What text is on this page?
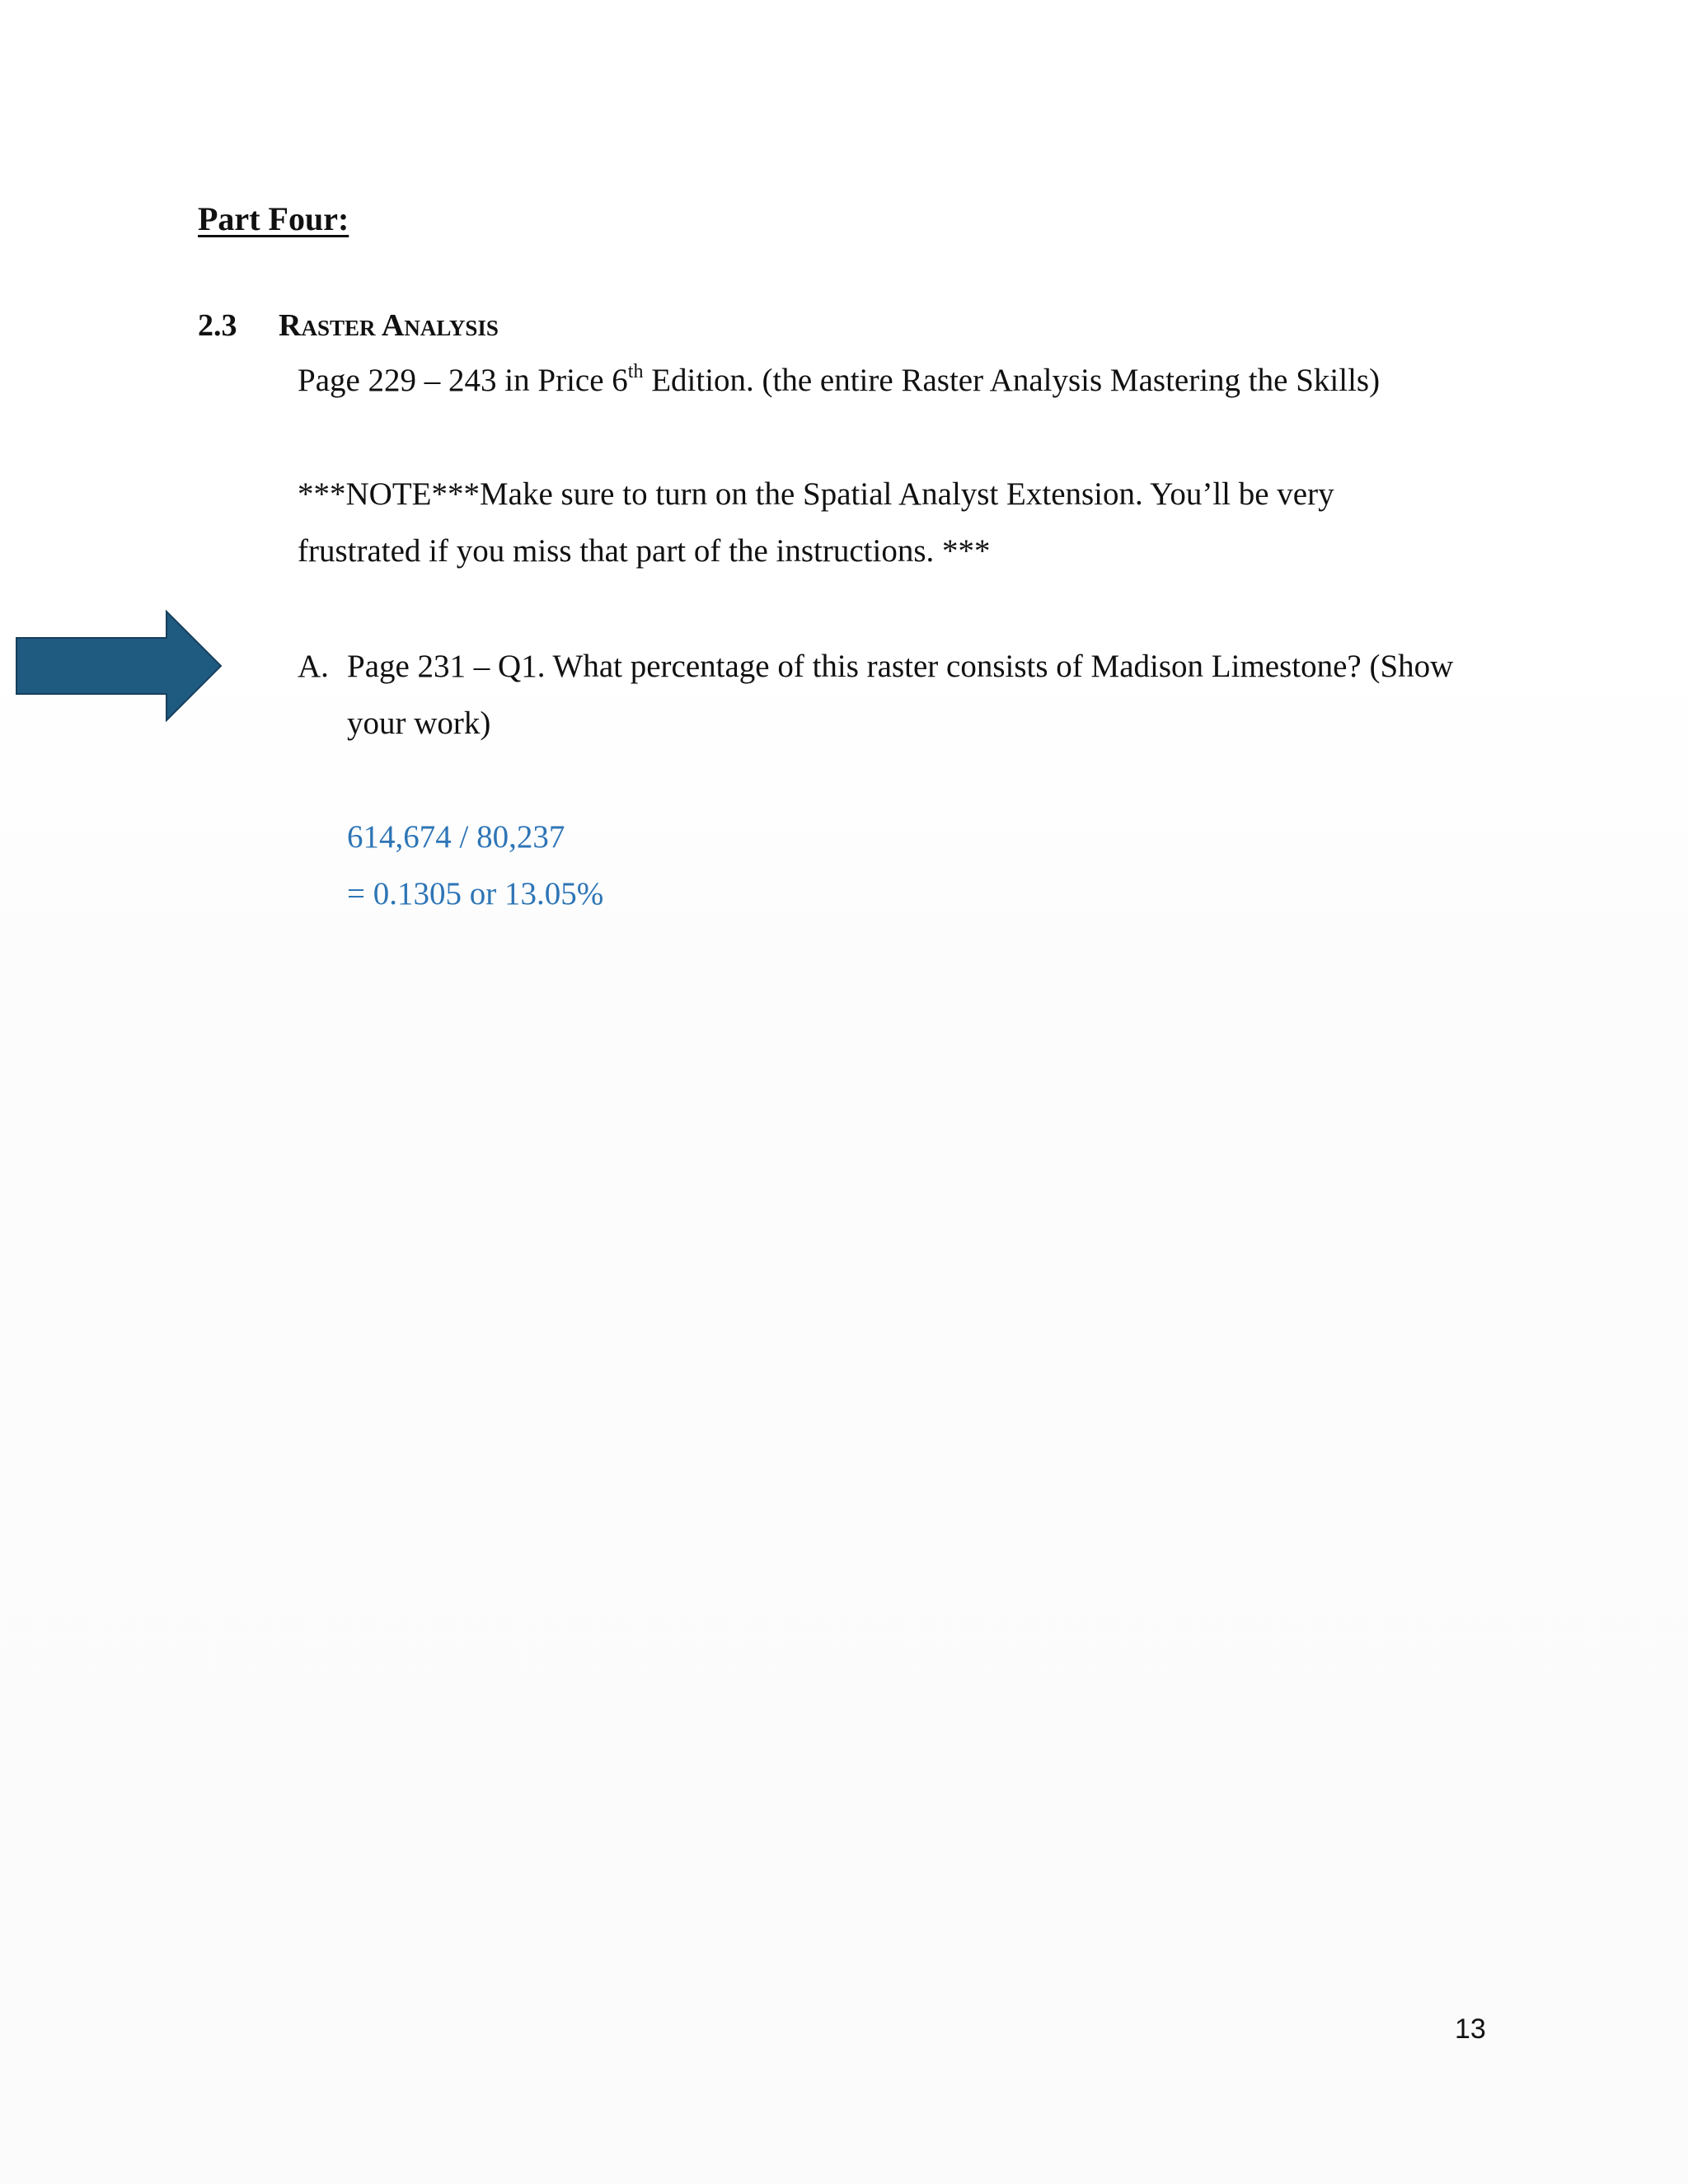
Part Four:
2.3 Raster Analysis
Page 229 – 243 in Price 6th Edition. (the entire Raster Analysis Mastering the Skills)
***NOTE***Make sure to turn on the Spatial Analyst Extension. You’ll be very
frustrated if you miss that part of the instructions. ***
A. Page 231 – Q1. What percentage of this raster consists of Madison Limestone? (Show
your work)
614,674 / 80,237
= 0.1305 or 13.05%
13
